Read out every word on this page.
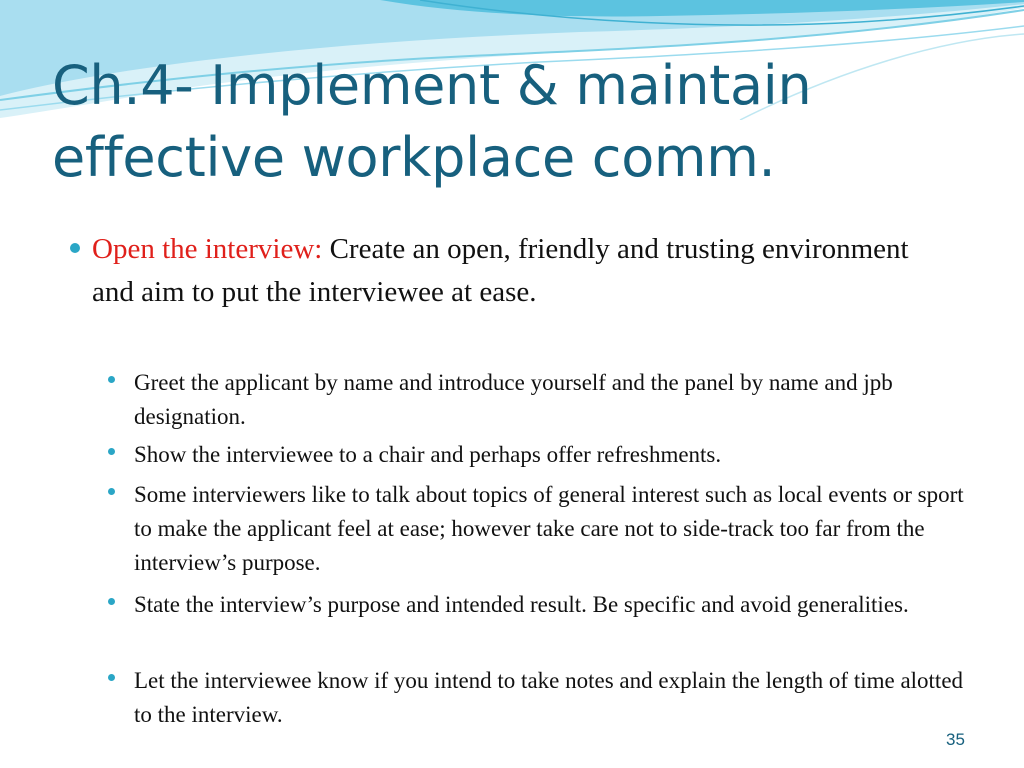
Ch.4- Implement & maintain
effective workplace comm.
Open the interview: Create an open, friendly and trusting environment and aim to put the interviewee at ease.
Greet the applicant by name and introduce yourself and the panel by name and jpb designation.
Show the interviewee to a chair and perhaps offer refreshments.
Some interviewers like to talk about topics of general interest such as local events or sport to make the applicant feel at ease; however take care not to side-track too far from the interview’s purpose.
State the interview’s purpose and intended result. Be specific and avoid generalities.
Let the interviewee know if you intend to take notes and explain the length of time alotted to the interview.
35
